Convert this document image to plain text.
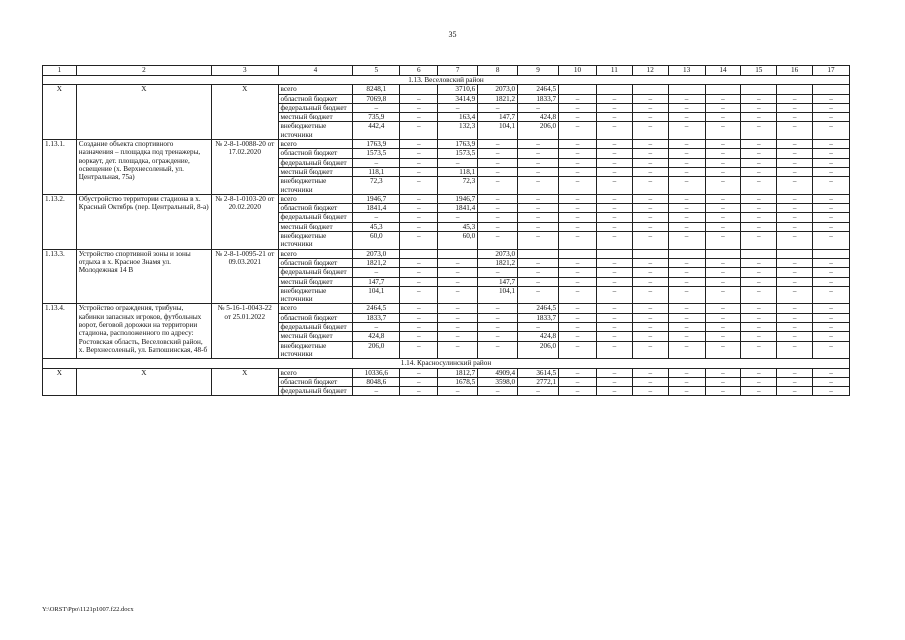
35
1	2	3	4	5	6	7	8	9	10	11	12	13	14	15	16	17
1.13. Веселовский район																
X	X	X	всего	8248,1		3710,6	2073,0	2464,5								
			областной бюджет	7069,8	–	3414,9	1821,2	1833,7	–	–	–	–	–	–	–	–
			федеральный бюджет	–	–	–	–	–	–	–	–	–	–	–	–	–
			местный бюджет	735,9	–	163,4	147,7	424,8	–	–	–	–	–	–	–	–
			внебюджетные источники	442,4	–	132,3	104,1	206,0	–	–	–	–	–	–	–	–
1.13.1.	Создание объекта спортивного назначения – площадка под тренажеры, воркаут, дет. площадка, ограждение, освещение (х. Верхнесоленый, ул. Центральная, 75а)	№ 2-8-1-0088-20 от 17.02.2020	всего	1763,9	–	1763,9	–	–	–	–	–	–	–	–	–	–
			областной бюджет	1573,5	–	1573,5	–	–	–	–	–	–	–	–	–	–
			федеральный бюджет	–	–	–	–	–	–	–	–	–	–	–	–	–
			местный бюджет	118,1	–	118,1	–	–	–	–	–	–	–	–	–	–
			внебюджетные источники	72,3	–	72,3	–	–	–	–	–	–	–	–	–	–
1.13.2.	Обустройство территории стадиона в х. Красный Октябрь (пер. Центральный, 8-а)	№ 2-8-1-0103-20 от 20.02.2020	всего	1946,7	–	1946,7	–	–	–	–	–	–	–	–	–	–
			областной бюджет	1841,4	–	1841,4	–	–	–	–	–	–	–	–	–	–
			федеральный бюджет	–	–	–	–	–	–	–	–	–	–	–	–	–
			местный бюджет	45,3	–	45,3	–	–	–	–	–	–	–	–	–	–
			внебюджетные источники	60,0	–	60,0	–	–	–	–	–	–	–	–	–	–
1.13.3.	Устройство спортивной зоны и зоны отдыха в х. Красное Знамя ул. Молодежная 14 В	№ 2-8-1-0095-21 от 09.03.2021	всего	2073,0			2073,0									
			областной бюджет	1821,2	–	–	1821,2	–	–	–	–	–	–	–	–	–
			федеральный бюджет	–	–	–	–	–	–	–	–	–	–	–	–	–
			местный бюджет	147,7	–	–	147,7	–	–	–	–	–	–	–	–	–
			внебюджетные источники	104,1	–	–	104,1	–	–	–	–	–	–	–	–	–
1.13.4.	Устройство ограждения, трибуны, кабинки запасных игроков, футбольных ворот, беговой дорожки на территории стадиона, расположенного по адресу: Ростовская область, Веселовский район, х. Верхнесоленый, ул. Батюшинская, 48-б	№ 5-16-1-0043-22 от 25.01.2022	всего	2464,5	–	–	–	2464,5	–	–	–	–	–	–	–	–
			областной бюджет	1833,7	–	–	–	1833,7	–	–	–	–	–	–	–	–
			федеральный бюджет	–	–	–	–	–	–	–	–	–	–	–	–	–
			местный бюджет	424,8	–	–	–	424,8	–	–	–	–	–	–	–	–
			внебюджетные источники	206,0	–	–	–	206,0	–	–	–	–	–	–	–	–
1.14. Красносулинский район																
X	X	X	всего	10336,6	–	1812,7	4909,4	3614,5	–	–	–	–	–	–	–	–
			областной бюджет	8048,6	–	1678,5	3598,0	2772,1	–	–	–	–	–	–	–	–
			федеральный бюджет	–	–	–	–	–	–	–	–	–	–	–	–	–
Y:\ORST\Ppo\1121p1007.f22.docx
